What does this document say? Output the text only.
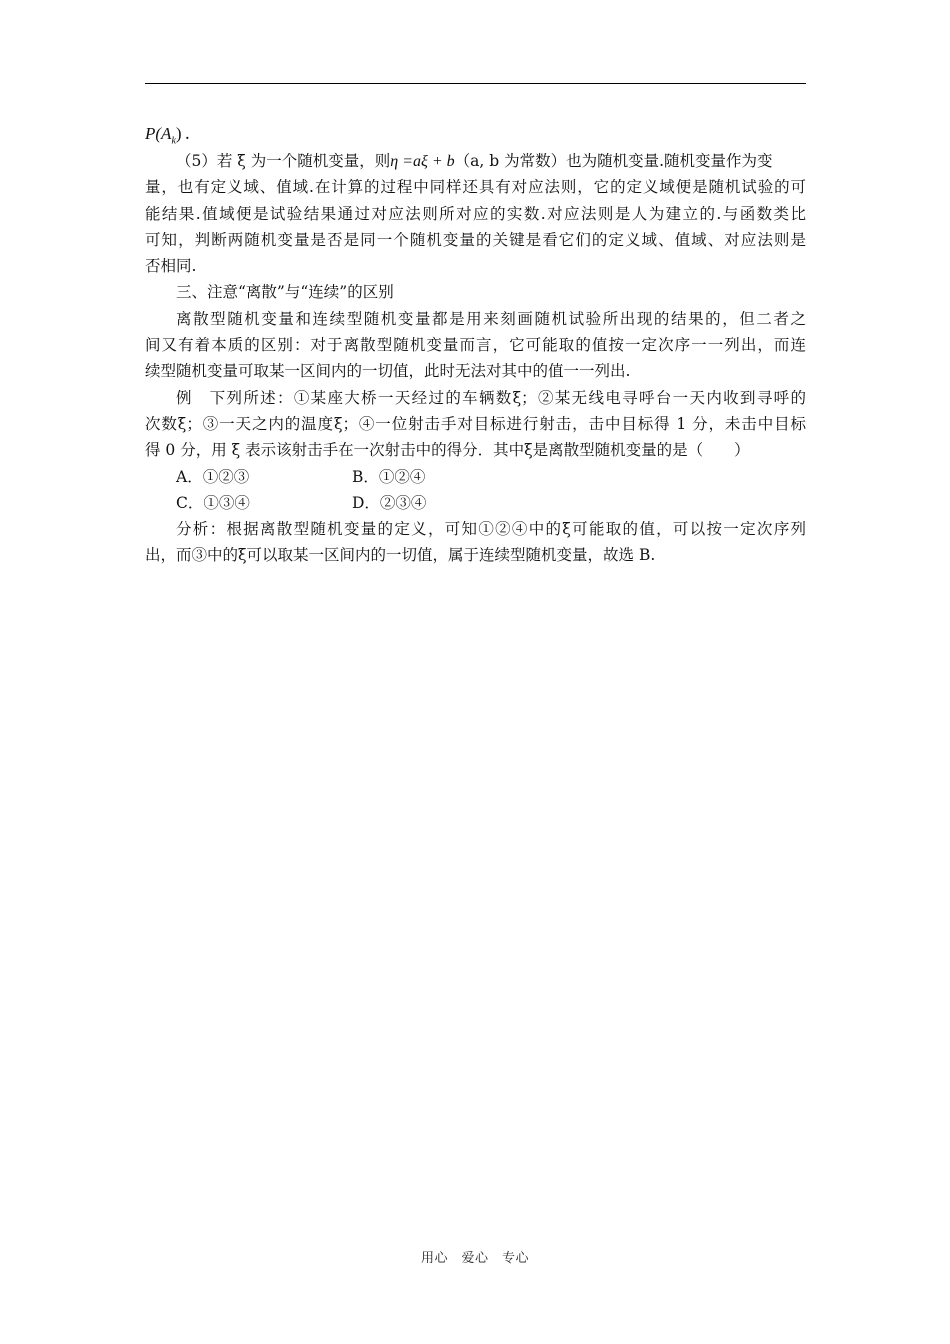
$P(A_k)$ .
（5）若 ξ 为一个随机变量，则η =aξ + b（a, b 为常数）也为随机变量.随机变量作为变
量，也有定义域、值域.在计算的过程中同样还具有对应法则，它的定义域便是随机试验的可
能结果.值域便是试验结果通过对应法则所对应的实数.对应法则是人为建立的.与函数类比
可知，判断两随机变量是否是同一个随机变量的关键是看它们的定义域、值域、对应法则是
否相同.
三、注意“离散”与“连续”的区别
离散型随机变量和连续型随机变量都是用来刻画随机试验所出现的结果的，但二者之
间又有着本质的区别：对于离散型随机变量而言，它可能取的值按一定次序一一列出，而连
续型随机变量可取某一区间内的一切值，此时无法对其中的值一一列出.
例　下列所述：①某座大桥一天经过的车辆数ξ；②某无线电寻呼台一天内收到寻呼的
次数ξ；③一天之内的温度ξ；④一位射击手对目标进行射击，击中目标得 1 分，未击中目标
得 0 分，用 ξ 表示该射击手在一次射击中的得分．其中ξ是离散型随机变量的是（　　）
A．①②③	B．①②④
C．①③④	D．②③④
分析：根据离散型随机变量的定义，可知①②④中的ξ可能取的值，可以按一定次序列
出，而③中的ξ可以取某一区间内的一切值，属于连续型随机变量，故选 B.
用心　爱心　专心
